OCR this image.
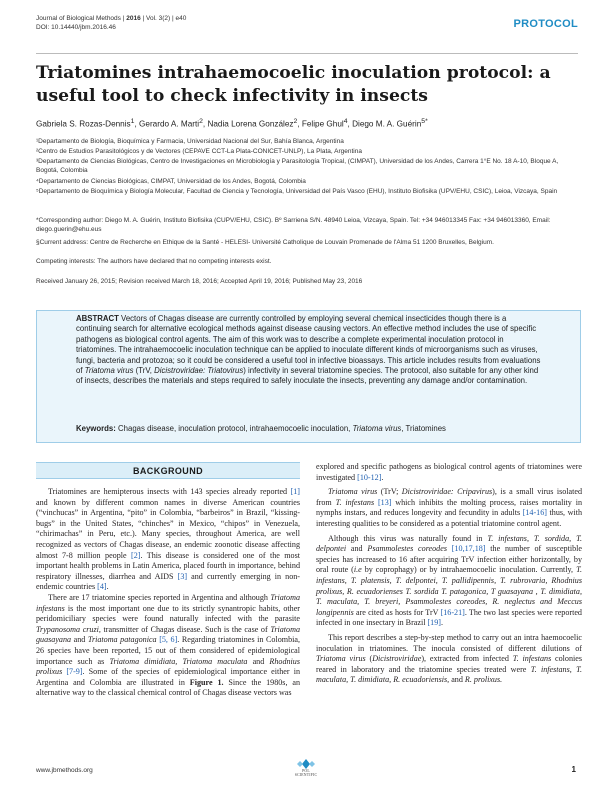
Journal of Biological Methods | 2016 | Vol. 3(2) | e40
DOI: 10.14440/jbm.2016.46	PROTOCOL
Triatomines intrahaemocoelic inoculation protocol: a
useful tool to check infectivity in insects
Gabriela S. Rozas-Dennis$^1$, Gerardo A. Marti$^2$, Nadia Lorena González$^2$, Felipe Ghul$^4$, Diego M. A. Guérin$^{5*}$
¹Departamento de Biología, Bioquímica y Farmacia, Universidad Nacional del Sur, Bahía Blanca, Argentina
²Centro de Estudios Parasitológicos y de Vectores (CEPAVE CCT-La Plata-CONICET-UNLP), La Plata, Argentina
³Departamento de Ciencias Biológicas, Centro de Investigaciones en Microbiología y Parasitología Tropical, (CIMPAT), Universidad de los Andes, Carrera 1°E No. 18 A-10, Bloque A, Bogotá, Colombia
⁴Departamento de Ciencias Biológicas, CIMPAT, Universidad de los Andes, Bogotá, Colombia
⁵Departamento de Bioquímica y Biología Molecular, Facultad de Ciencia y Tecnología, Universidad del País Vasco (EHU), Instituto Biofisika (UPV/EHU, CSIC), Leioa, Vizcaya, Spain
*Corresponding author: Diego M. A. Guérin, Instituto Biofisika (CUPV/EHU, CSIC). Bº Sarriena S/N. 48940 Leioa, Vizcaya, Spain. Tel: +34 946013345 Fax: +34 946013360, Email: diego.guerin@ehu.eus
§Current address: Centre de Recherche en Ethique de la Santé - HELESI- Université Catholique de Louvain Promenade de l'Alma 51 1200 Bruxelles, Belgium.
Competing interests: The authors have declared that no competing interests exist.
Received January 26, 2015; Revision received March 18, 2016; Accepted April 19, 2016; Published May 23, 2016
ABSTRACT Vectors of Chagas disease are currently controlled by employing several chemical insecticides though there is a continuing search for alternative ecological methods against disease causing vectors. An effective method includes the use of specific pathogens as biological control agents. The aim of this work was to describe a complete experimental inoculation protocol in triatomines. The intrahaemocoelic inoculation technique can be applied to inoculate different kinds of microorganisms such as viruses, fungi, bacteria and protozoa; so it could be considered a useful tool in infective bioassays. This article includes results from evaluations of Triatoma virus (TrV, Dicistroviridae: Triatovirus) infectivity in several triatomine species. The protocol, also suitable for any other kind of insects, describes the materials and steps required to safely inoculate the insects, preventing any damage and/or contamination.
Keywords: Chagas disease, inoculation protocol, intrahaemocoelic inoculation, Triatoma virus, Triatomines
BACKGROUND

Triatomines are hemipterous insects with 143 species already reported [1] and known by different common names in diverse American countries (“vinchucas” in Argentina, “pito” in Colombia, “barbeiros” in Brazil, “kissing-bugs” in the United States, “chinches” in Mexico, “chipos” in Venezuela, “chirimachas” in Peru, etc.). Many species, throughout America, are well recognized as vectors of Chagas disease, an endemic zoonotic disease affecting almost 7-8 million people [2]. This disease is considered one of the most important health problems in Latin America, placed fourth in importance, behind respiratory illnesses, diarrhea and AIDS [3] and currently emerging in non-endemic countries [4].

There are 17 triatomine species reported in Argentina and although Triatoma infestans is the most important one due to its strictly synantropic habits, other peridomiciliary species were found naturally infected with the parasite Trypanosoma cruzi, transmitter of Chagas disease. Such is the case of Triatoma guasayana and Triatoma patagonica [5, 6]. Regarding triatomines in Colombia, 26 species have been reported, 15 out of them considered of epidemiological importance such as Triatoma dimidiata, Triatoma maculata and Rhodnius prolixus [7-9]. Some of the species of epidemiological importance either in Argentina and Colombia are illustrated in Figure 1. Since the 1980s, an alternative way to the classical chemical control of Chagas disease vectors was

explored and specific pathogens as biological control agents of triatomines were investigated [10-12].

Triatoma virus (TrV; Dicistroviridae: Cripavirus), is a small virus isolated from T. infestans [13] which inhibits the molting process, raises mortality in nymphs instars, and reduces longevity and fecundity in adults [14-16] thus, with interesting qualities to be considered as a potential triatomine control agent.

Although this virus was naturally found in T. infestans, T. sordida, T. delpontei and Psammolestes coreodes [10,17,18] the number of susceptible species has increased to 16 after acquiring TrV infection either horizontally, by oral route (i.e by coprophagy) or by intrahaemocoelic inoculation. Currently, T. infestans, T. platensis, T. delpontei, T. pallidipennis, T. rubrovaria, Rhodnius prolixus, R. ecuadorienses T. sordida T. patagonica, T guasayana , T. dimidiata, T. maculata, T. breyeri, Psammolestes coreodes, R. neglectus and Meccus longipennis are cited as hosts for TrV [16-21]. The two last species were reported infected in one insectary in Brazil [19].

This report describes a step-by-step method to carry out an intra haemocoelic inoculation in triatomines. The inocula consisted of different dilutions of Triatoma virus (Dicistroviridae), extracted from infected T. infestans colonies reared in laboratory and the triatomine species treated were T. infestans, T. maculata, T. dimidiata, R. ecuadoriensis, and R. prolixus.

www.jbmethods.org	POL SCIENTIFIC
1
